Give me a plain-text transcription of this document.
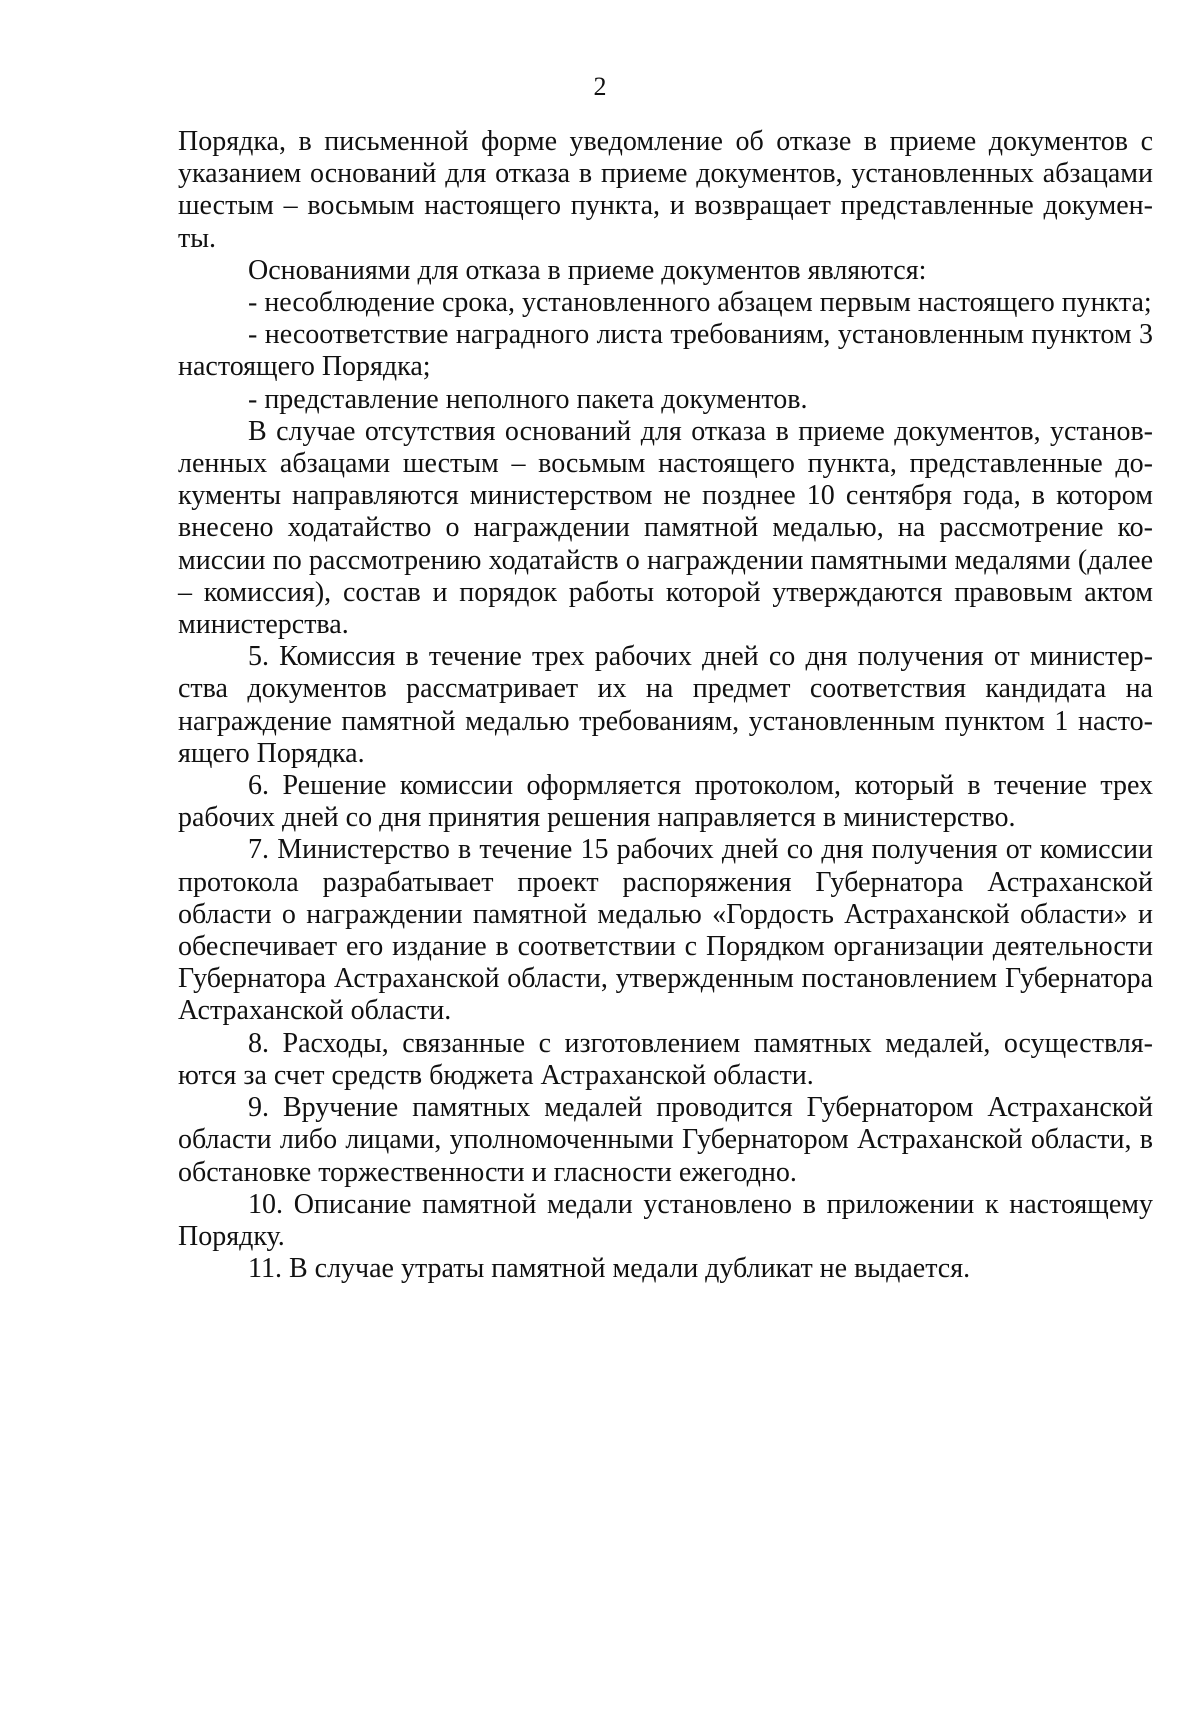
2

Порядка, в письменной форме уведомление об отказе в приеме документов с указанием оснований для отказа в приеме документов, установленных абзацами шестым – восьмым настоящего пункта, и возвращает представленные документы.

Основаниями для отказа в приеме документов являются:

- несоблюдение срока, установленного абзацем первым настоящего пункта;

- несоответствие наградного листа требованиям, установленным пунктом 3 настоящего Порядка;

- представление неполного пакета документов.

В случае отсутствия оснований для отказа в приеме документов, установленных абзацами шестым – восьмым настоящего пункта, представленные документы направляются министерством не позднее 10 сентября года, в котором внесено ходатайство о награждении памятной медалью, на рассмотрение комиссии по рассмотрению ходатайств о награждении памятными медалями (далее – комиссия), состав и порядок работы которой утверждаются правовым актом министерства.

5. Комиссия в течение трех рабочих дней со дня получения от министерства документов рассматривает их на предмет соответствия кандидата на награждение памятной медалью требованиям, установленным пунктом 1 настоящего Порядка.

6. Решение комиссии оформляется протоколом, который в течение трех рабочих дней со дня принятия решения направляется в министерство.

7. Министерство в течение 15 рабочих дней со дня получения от комиссии протокола разрабатывает проект распоряжения Губернатора Астраханской области о награждении памятной медалью «Гордость Астраханской области» и обеспечивает его издание в соответствии с Порядком организации деятельности Губернатора Астраханской области, утвержденным постановлением Губернатора Астраханской области.

8. Расходы, связанные с изготовлением памятных медалей, осуществляются за счет средств бюджета Астраханской области.

9. Вручение памятных медалей проводится Губернатором Астраханской области либо лицами, уполномоченными Губернатором Астраханской области, в обстановке торжественности и гласности ежегодно.

10. Описание памятной медали установлено в приложении к настоящему Порядку.

11. В случае утраты памятной медали дубликат не выдается.
